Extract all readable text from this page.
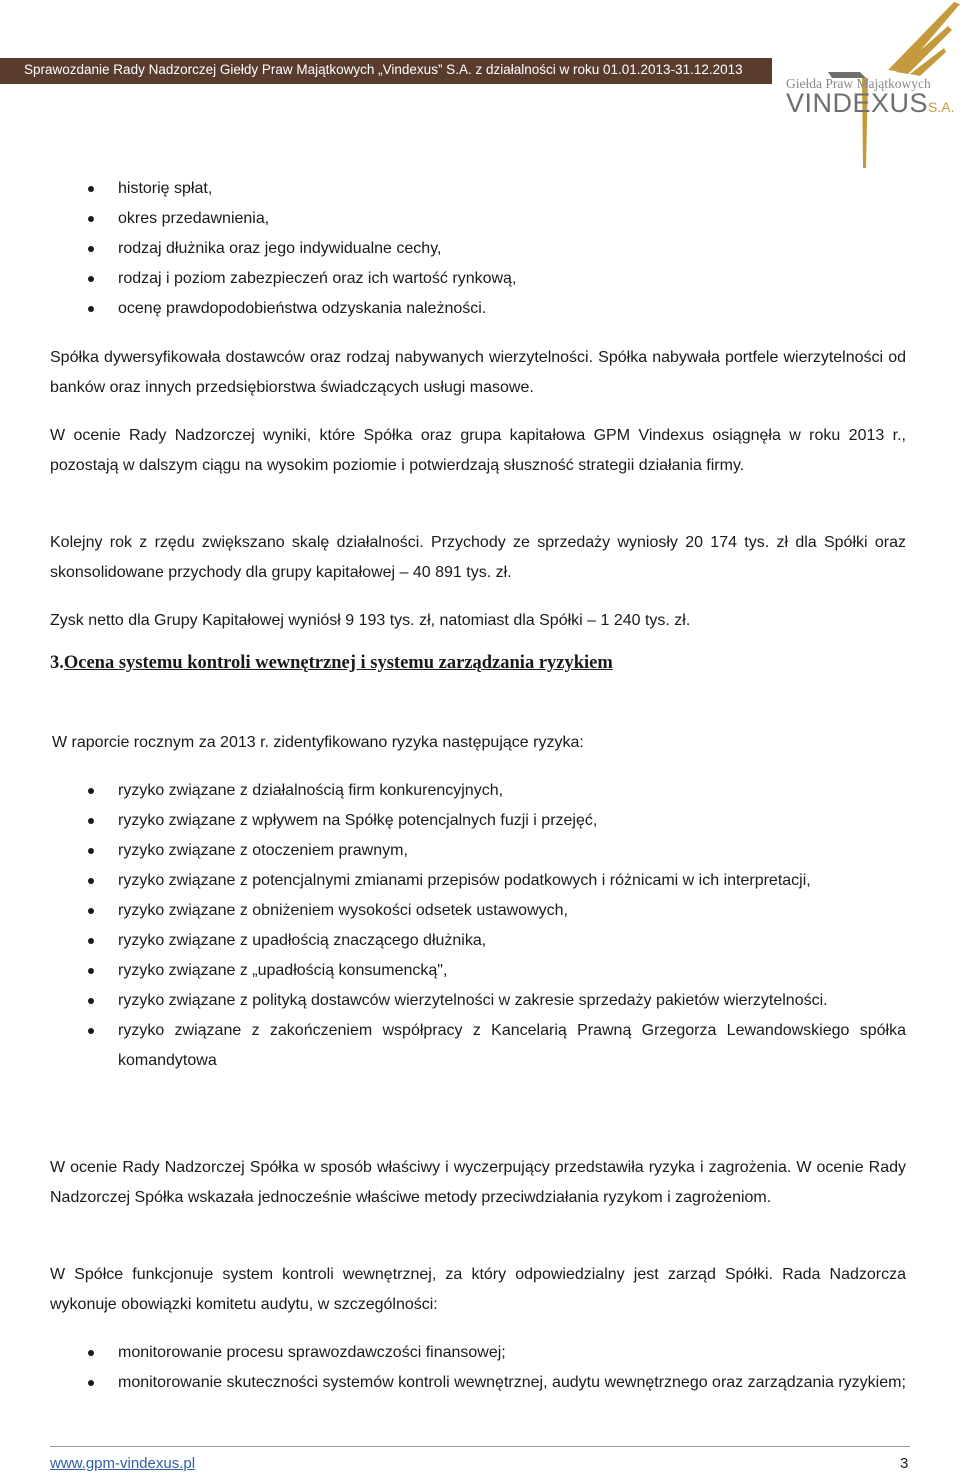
Sprawozdanie Rady Nadzorczej Giełdy Praw Majątkowych „Vindexus” S.A. z działalności w roku 01.01.2013-31.12.2013
Giełda Praw Majątkowych
VINDEXUSS.A.
historię spłat,
okres przedawnienia,
rodzaj dłużnika oraz jego indywidualne cechy,
rodzaj i poziom zabezpieczeń oraz ich wartość rynkową,
ocenę prawdopodobieństwa odzyskania należności.

Spółka dywersyfikowała dostawców oraz rodzaj nabywanych wierzytelności. Spółka nabywała portfele wierzytelności od banków oraz innych przedsiębiorstwa świadczących usługi masowe.

W ocenie Rady Nadzorczej wyniki, które Spółka oraz grupa kapitałowa GPM Vindexus osiągnęła w roku 2013 r., pozostają w dalszym ciągu na wysokim poziomie i potwierdzają słuszność strategii działania firmy.

Kolejny rok z rzędu zwiększano skalę działalności. Przychody ze sprzedaży wyniosły 20 174 tys. zł dla Spółki oraz skonsolidowane przychody dla grupy kapitałowej – 40 891 tys. zł.

Zysk netto dla Grupy Kapitałowej wyniósł 9 193 tys. zł, natomiast dla Spółki – 1 240 tys. zł.

3.Ocena systemu kontroli wewnętrznej i systemu zarządzania ryzykiem

W raporcie rocznym za 2013 r. zidentyfikowano ryzyka następujące ryzyka:

ryzyko związane z działalnością firm konkurencyjnych,
ryzyko związane z wpływem na Spółkę potencjalnych fuzji i przejęć,
ryzyko związane z otoczeniem prawnym,
ryzyko związane z potencjalnymi zmianami przepisów podatkowych i różnicami w ich interpretacji,
ryzyko związane z obniżeniem wysokości odsetek ustawowych,
ryzyko związane z upadłością znaczącego dłużnika,
ryzyko związane z „upadłością konsumencką",
ryzyko związane z polityką dostawców wierzytelności w zakresie sprzedaży pakietów wierzytelności.
ryzyko związane z zakończeniem współpracy z Kancelarią Prawną Grzegorza Lewandowskiego spółka komandytowa

W ocenie Rady Nadzorczej Spółka w sposób właściwy i wyczerpujący przedstawiła ryzyka i zagrożenia. W ocenie Rady Nadzorczej Spółka wskazała jednocześnie właściwe metody przeciwdziałania ryzykom i zagrożeniom.

W Spółce funkcjonuje system kontroli wewnętrznej, za który odpowiedzialny jest zarząd Spółki. Rada Nadzorcza wykonuje obowiązki komitetu audytu, w szczególności:

monitorowanie procesu sprawozdawczości finansowej;
monitorowanie skuteczności systemów kontroli wewnętrznej, audytu wewnętrznego oraz zarządzania ryzykiem;
www.gpm-vindexus.pl	3
